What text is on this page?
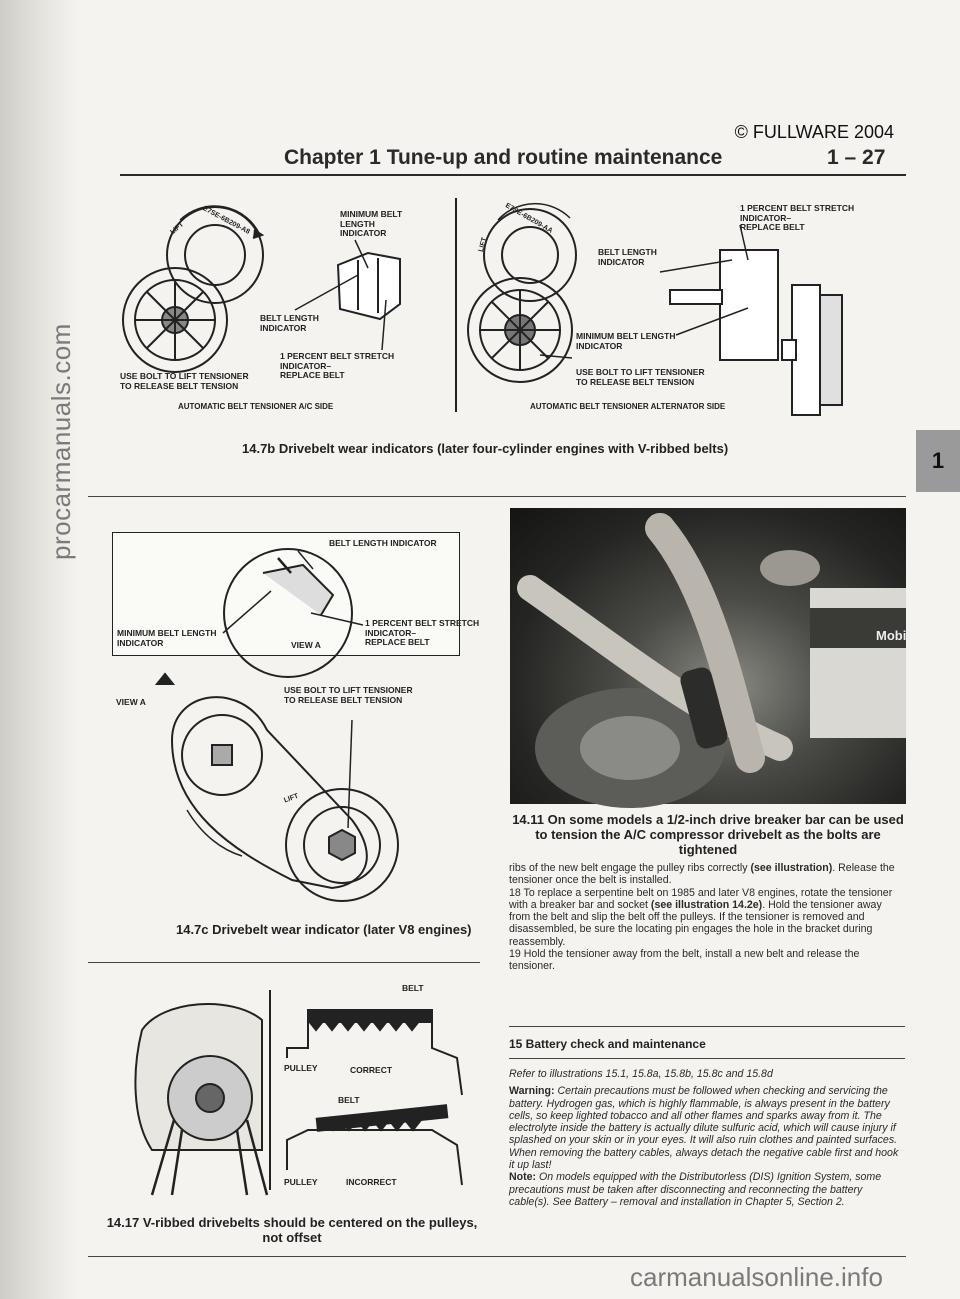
procarmanuals.com
© FULLWARE 2004
Chapter 1 Tune-up and routine maintenance	1 – 27
1
MINIMUM BELT
LENGTH
INDICATOR
BELT LENGTH
INDICATOR
1 PERCENT BELT STRETCH
INDICATOR–
REPLACE BELT
USE BOLT TO LIFT TENSIONER
TO RELEASE BELT TENSION
AUTOMATIC BELT TENSIONER A/C SIDE
E7SE-6B209-A8
LIFT
1 PERCENT BELT STRETCH
INDICATOR–
REPLACE BELT
BELT LENGTH
INDICATOR
MINIMUM BELT LENGTH
INDICATOR
USE BOLT TO LIFT TENSIONER
TO RELEASE BELT TENSION
AUTOMATIC BELT TENSIONER ALTERNATOR SIDE
E7SE-6B209-AA
LIFT
14.7b Drivebelt wear indicators (later four-cylinder engines with V-ribbed belts)
BELT LENGTH INDICATOR
MINIMUM BELT LENGTH
INDICATOR
1 PERCENT BELT STRETCH
INDICATOR–
REPLACE BELT
VIEW A
VIEW A
USE BOLT TO LIFT TENSIONER
TO RELEASE BELT TENSION
LIFT
14.7c Drivebelt wear indicator (later V8 engines)
Mobil
14.11 On some models a 1/2-inch drive breaker bar can be used to tension the A/C compressor drivebelt as the bolts are tightened
BELT
PULLEY	CORRECT
BELT
PULLEY	INCORRECT
14.17 V-ribbed drivebelts should be centered on the pulleys, not offset

ribs of the new belt engage the pulley ribs correctly (see illustration). Release the tensioner once the belt is installed.

18 To replace a serpentine belt on 1985 and later V8 engines, rotate the tensioner with a breaker bar and socket (see illustration 14.2e). Hold the tensioner away from the belt and slip the belt off the pulleys. If the tensioner is removed and disassembled, be sure the locating pin engages the hole in the bracket during reassembly.

19 Hold the tensioner away from the belt, install a new belt and release the tensioner.

15 Battery check and maintenance

Refer to illustrations 15.1, 15.8a, 15.8b, 15.8c and 15.8d

Warning: Certain precautions must be followed when checking and servicing the battery. Hydrogen gas, which is highly flammable, is always present in the battery cells, so keep lighted tobacco and all other flames and sparks away from it. The electrolyte inside the battery is actually dilute sulfuric acid, which will cause injury if splashed on your skin or in your eyes. It will also ruin clothes and painted surfaces. When removing the battery cables, always detach the negative cable first and hook it up last!

Note: On models equipped with the Distributorless (DIS) Ignition System, some precautions must be taken after disconnecting and reconnecting the battery cable(s). See Battery – removal and installation in Chapter 5, Section 2.

carmanualsonline.info
